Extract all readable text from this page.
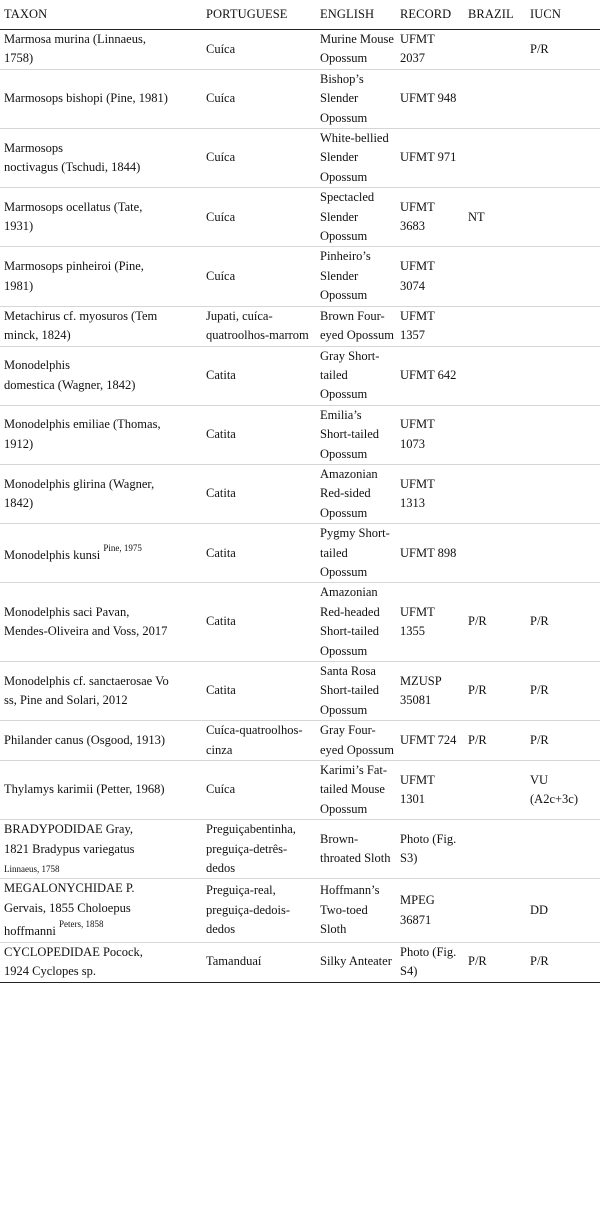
TAXON	PORTUGUESE	ENGLISH	RECORD	BRAZIL	IUCN
Marmosa murina (Linnaeus,
1758)	Cuíca	Murine Mouse Opossum	UFMT 2037		P/R
Marmosops bishopi (Pine, 1981)	Cuíca	Bishop’s Slender Opossum	UFMT 948		
Marmosops
noctivagus (Tschudi, 1844)	Cuíca	White-bellied Slender Opossum	UFMT 971		
Marmosops ocellatus (Tate,
1931)	Cuíca	Spectacled Slender Opossum	UFMT 3683	NT	
Marmosops pinheiroi (Pine,
1981)	Cuíca	Pinheiro’s Slender Opossum	UFMT 3074		
Metachirus cf. myosuros (Tem
minck, 1824)	Jupati, cuíca-quatroolhos-marrom	Brown Four-eyed Opossum	UFMT 1357		
Monodelphis
domestica (Wagner, 1842)	Catita	Gray Short-tailed Opossum	UFMT 642		
Monodelphis emiliae (Thomas,
1912)	Catita	Emilia’s Short-tailed Opossum	UFMT 1073		
Monodelphis glirina (Wagner,
1842)	Catita	Amazonian Red-sided Opossum	UFMT 1313		
Monodelphis kunsi $^{Pine, 1975}$	Catita	Pygmy Short-tailed Opossum	UFMT 898		
Monodelphis saci Pavan,
Mendes-Oliveira and Voss, 2017	Catita	Amazonian Red-headed Short-tailed Opossum	UFMT 1355	P/R	P/R
Monodelphis cf. sanctaerosae Vo
ss, Pine and Solari, 2012	Catita	Santa Rosa Short-tailed Opossum	MZUSP 35081	P/R	P/R
Philander canus (Osgood, 1913)	Cuíca-quatroolhos-cinza	Gray Four-eyed Opossum	UFMT 724	P/R	P/R
Thylamys karimii (Petter, 1968)	Cuíca	Karimi’s Fat-tailed Mouse Opossum	UFMT 1301		VU (A2c+3c)
BRADYPODIDAE Gray,
1821 Bradypus variegatus
Linnaeus, 1758	Preguiçabentinha, preguiça-detrês-dedos	Brown-throated Sloth	Photo (Fig. S3)		
MEGALONYCHIDAE P.
Gervais, 1855 Choloepus
hoffmanni $^{Peters, 1858}$	Preguiça-real, preguiça-dedois-dedos	Hoffmann’s Two-toed Sloth	MPEG 36871		DD
CYCLOPEDIDAE Pocock,
1924 Cyclopes sp.	Tamanduaí	Silky Anteater	Photo (Fig. S4)	P/R	P/R
